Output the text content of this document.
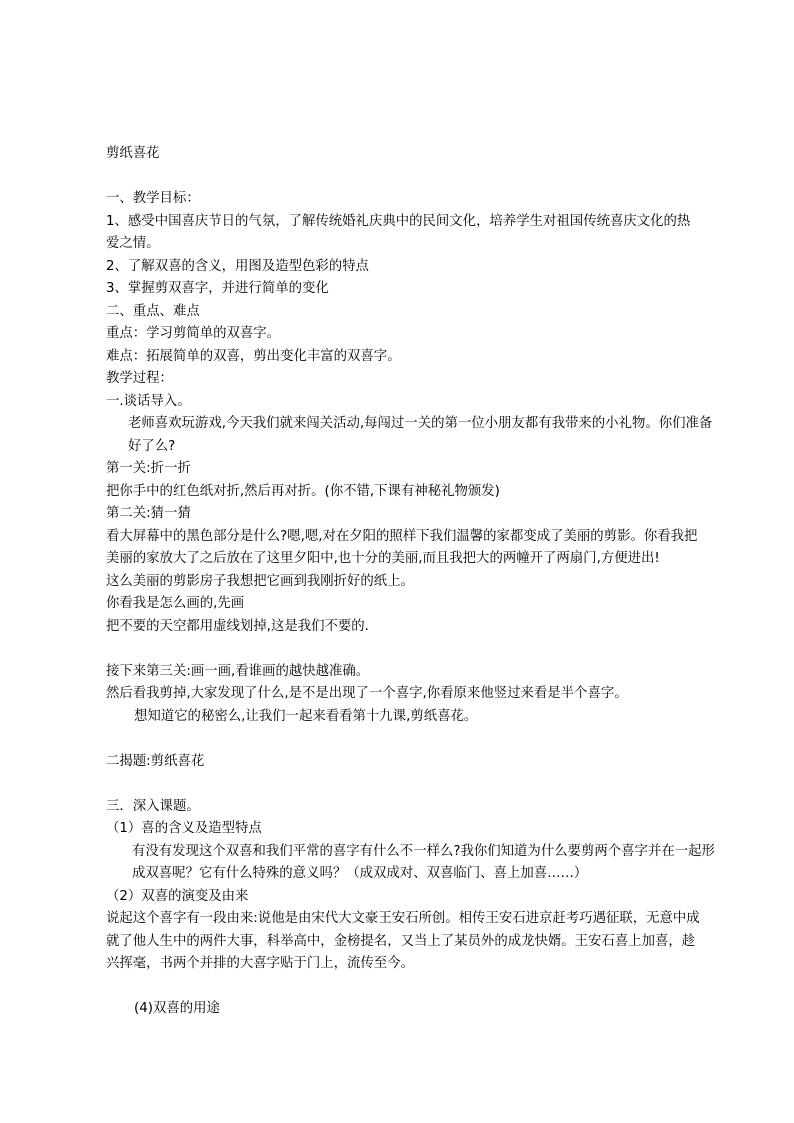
剪纸喜花
一、教学目标：
1、感受中国喜庆节日的气氛，了解传统婚礼庆典中的民间文化，培养学生对祖国传统喜庆文化的热爱之情。
2、了解双喜的含义，用图及造型色彩的特点
3、掌握剪双喜字，并进行简单的变化
二、重点、难点
重点：学习剪简单的双喜字。
难点：拓展简单的双喜，剪出变化丰富的双喜字。
教学过程：
一.谈话导入。
老师喜欢玩游戏,今天我们就来闯关活动,每闯过一关的第一位小朋友都有我带来的小礼物。你们准备好了么?
第一关:折一折
把你手中的红色纸对折,然后再对折。(你不错,下课有神秘礼物颁发)
第二关:猜一猜
看大屏幕中的黑色部分是什么?嗯,嗯,对在夕阳的照样下我们温馨的家都变成了美丽的剪影。你看我把美丽的家放大了之后放在了这里夕阳中,也十分的美丽,而且我把大的两幢开了两扇门,方便进出!
这么美丽的剪影房子我想把它画到我刚折好的纸上。
你看我是怎么画的,先画
把不要的天空都用虚线划掉,这是我们不要的.
接下来第三关:画一画,看谁画的越快越准确。
然后看我剪掉,大家发现了什么,是不是出现了一个喜字,你看原来他竖过来看是半个喜字。
想知道它的秘密么,让我们一起来看看第十九课,剪纸喜花。
二揭题:剪纸喜花
三．深入课题。
（1）喜的含义及造型特点
有没有发现这个双喜和我们平常的喜字有什么不一样么?我你们知道为什么要剪两个喜字并在一起形成双喜呢？它有什么特殊的意义吗？（成双成对、双喜临门、喜上加喜……）
（2）双喜的演变及由来
说起这个喜字有一段由来:说他是由宋代大文豪王安石所创。相传王安石进京赶考巧遇征联，无意中成就了他人生中的两件大事，科举高中，金榜提名，又当上了某员外的成龙快婿。王安石喜上加喜，趁兴挥毫，书两个并排的大喜字贴于门上，流传至今。
(4)双喜的用途
